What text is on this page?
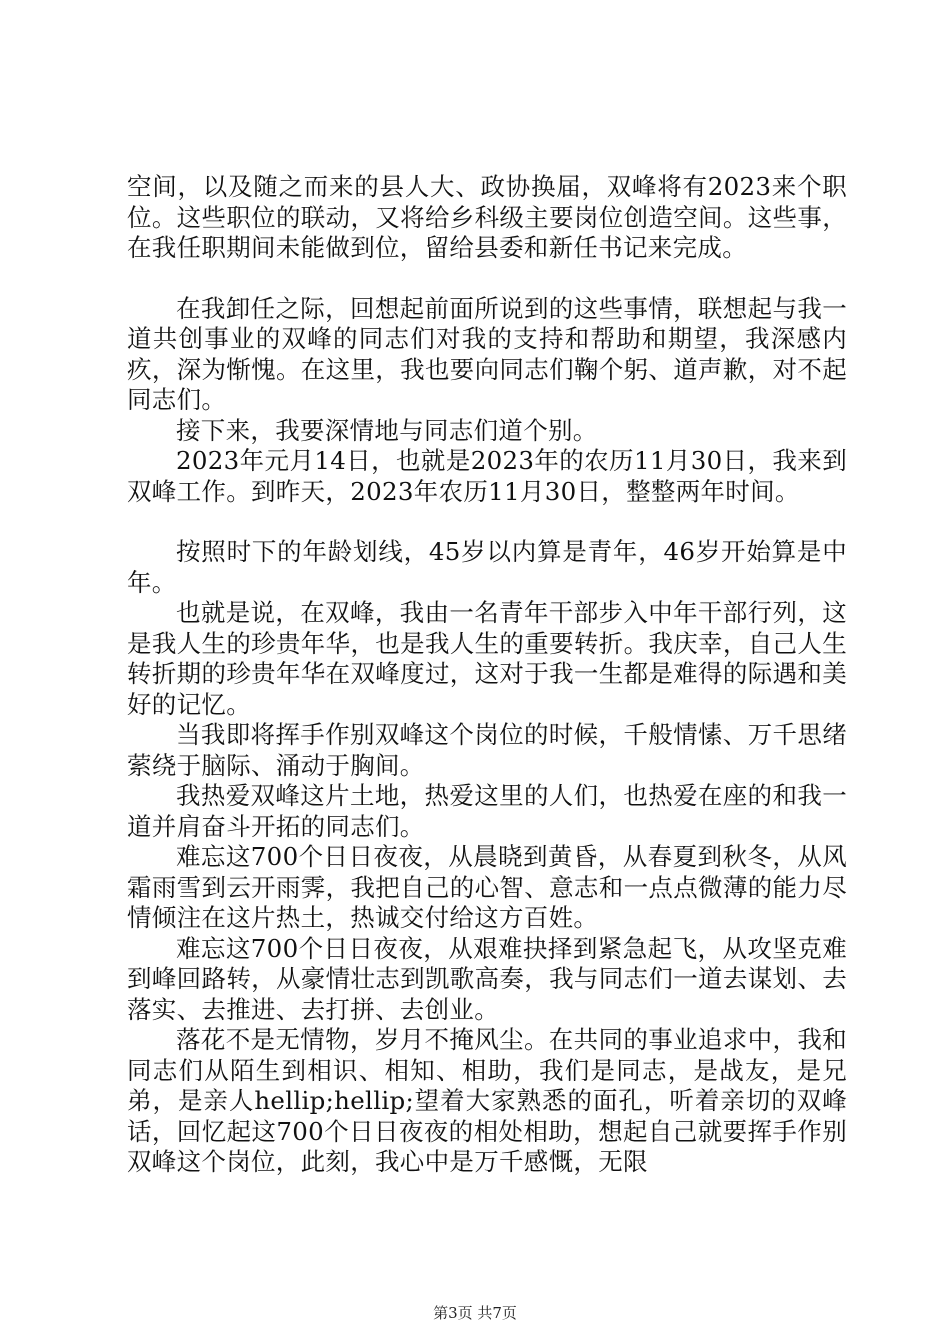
空间，以及随之而来的县人大、政协换届，双峰将有2023来个职位。这些职位的联动，又将给乡科级主要岗位创造空间。这些事，在我任职期间未能做到位，留给县委和新任书记来完成。

在我卸任之际，回想起前面所说到的这些事情，联想起与我一道共创事业的双峰的同志们对我的支持和帮助和期望，我深感内疚，深为惭愧。在这里，我也要向同志们鞠个躬、道声歉，对不起同志们。

接下来，我要深情地与同志们道个别。

2023年元月14日，也就是2023年的农历11月30日，我来到双峰工作。到昨天，2023年农历11月30日，整整两年时间。

按照时下的年龄划线，45岁以内算是青年，46岁开始算是中年。

也就是说，在双峰，我由一名青年干部步入中年干部行列，这是我人生的珍贵年华，也是我人生的重要转折。我庆幸，自己人生转折期的珍贵年华在双峰度过，这对于我一生都是难得的际遇和美好的记忆。

当我即将挥手作别双峰这个岗位的时候，千般情愫、万千思绪萦绕于脑际、涌动于胸间。

我热爱双峰这片土地，热爱这里的人们，也热爱在座的和我一道并肩奋斗开拓的同志们。

难忘这700个日日夜夜，从晨晓到黄昏，从春夏到秋冬，从风霜雨雪到云开雨霁，我把自己的心智、意志和一点点微薄的能力尽情倾注在这片热土，热诚交付给这方百姓。

难忘这700个日日夜夜，从艰难抉择到紧急起飞，从攻坚克难到峰回路转，从豪情壮志到凯歌高奏，我与同志们一道去谋划、去落实、去推进、去打拼、去创业。

落花不是无情物，岁月不掩风尘。在共同的事业追求中，我和同志们从陌生到相识、相知、相助，我们是同志，是战友，是兄弟，是亲人hellip;hellip;望着大家熟悉的面孔，听着亲切的双峰话，回忆起这700个日日夜夜的相处相助，想起自己就要挥手作别双峰这个岗位，此刻，我心中是万千感慨，无限

第3页 共7页
